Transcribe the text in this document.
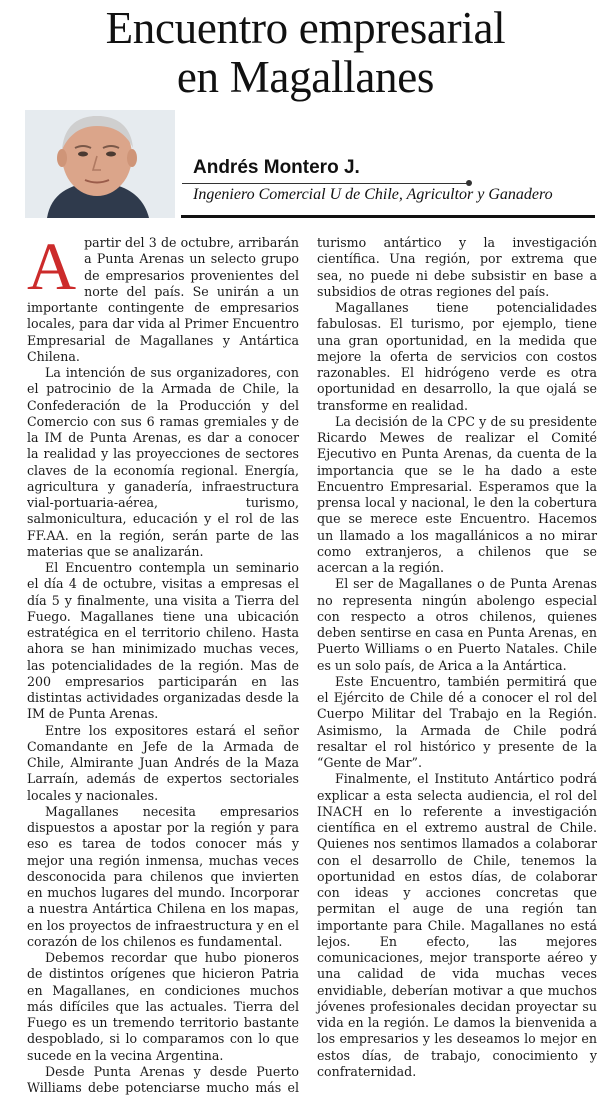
Encuentro empresarial
en Magallanes
Andrés Montero J.
Ingeniero Comercial U de Chile, Agricultor y Ganadero

Apartir del 3 de octubre, arribarán a Punta Arenas un selecto grupo de empresarios provenientes del norte del país. Se unirán a un importante contingente de empresarios locales, para dar vida al Primer Encuentro Empresarial de Magallanes y Antártica Chilena.

La intención de sus organizadores, con el patrocinio de la Armada de Chile, la Confederación de la Producción y del Comercio con sus 6 ramas gremiales y de la IM de Punta Arenas, es dar a conocer la realidad y las proyecciones de sectores claves de la economía regional. Energía, agricultura y ganadería, infraestructura vial-portuaria-aérea, turismo, salmonicultura, educación y el rol de las FF.AA. en la región, serán parte de las materias que se analizarán.

El Encuentro contempla un seminario el día 4 de octubre, visitas a empresas el día 5 y finalmente, una visita a Tierra del Fuego. Magallanes tiene una ubicación estratégica en el territorio chileno. Hasta ahora se han minimizado muchas veces, las potencialidades de la región. Mas de 200 empresarios participarán en las distintas actividades organizadas desde la IM de Punta Arenas.

Entre los expositores estará el señor Comandante en Jefe de la Armada de Chile, Almirante Juan Andrés de la Maza Larraín, además de expertos sectoriales locales y nacionales.

Magallanes necesita empresarios dispuestos a apostar por la región y para eso es tarea de todos conocer más y mejor una región inmensa, muchas veces desconocida para chilenos que invierten en muchos lugares del mundo. Incorporar a nuestra Antártica Chilena en los mapas, en los proyectos de infraestructura y en el corazón de los chilenos es fundamental.

Debemos recordar que hubo pioneros de distintos orígenes que hicieron Patria en Magallanes, en condiciones muchos más difíciles que las actuales. Tierra del Fuego es un tremendo territorio bastante despoblado, si lo comparamos con lo que sucede en la vecina Argentina.

Desde Punta Arenas y desde Puerto Williams debe potenciarse mucho más el

turismo antártico y la investigación científica. Una región, por extrema que sea, no puede ni debe subsistir en base a subsidios de otras regiones del país.

Magallanes tiene potencialidades fabulosas. El turismo, por ejemplo, tiene una gran oportunidad, en la medida que mejore la oferta de servicios con costos razonables. El hidrógeno verde es otra oportunidad en desarrollo, la que ojalá se transforme en realidad.

La decisión de la CPC y de su presidente Ricardo Mewes de realizar el Comité Ejecutivo en Punta Arenas, da cuenta de la importancia que se le ha dado a este Encuentro Empresarial. Esperamos que la prensa local y nacional, le den la cobertura que se merece este Encuentro. Hacemos un llamado a los magallánicos a no mirar como extranjeros, a chilenos que se acercan a la región.

El ser de Magallanes o de Punta Arenas no representa ningún abolengo especial con respecto a otros chilenos, quienes deben sentirse en casa en Punta Arenas, en Puerto Williams o en Puerto Natales. Chile es un solo país, de Arica a la Antártica.

Este Encuentro, también permitirá que el Ejército de Chile dé a conocer el rol del Cuerpo Militar del Trabajo en la Región. Asimismo, la Armada de Chile podrá resaltar el rol histórico y presente de la “Gente de Mar”.

Finalmente, el Instituto Antártico podrá explicar a esta selecta audiencia, el rol del INACH en lo referente a investigación científica en el extremo austral de Chile. Quienes nos sentimos llamados a colaborar con el desarrollo de Chile, tenemos la oportunidad en estos días, de colaborar con ideas y acciones concretas que permitan el auge de una región tan importante para Chile. Magallanes no está lejos. En efecto, las mejores comunicaciones, mejor transporte aéreo y una calidad de vida muchas veces envidiable, deberían motivar a que muchos jóvenes profesionales decidan proyectar su vida en la región. Le damos la bienvenida a los empresarios y les deseamos lo mejor en estos días, de trabajo, conocimiento y confraternidad.
